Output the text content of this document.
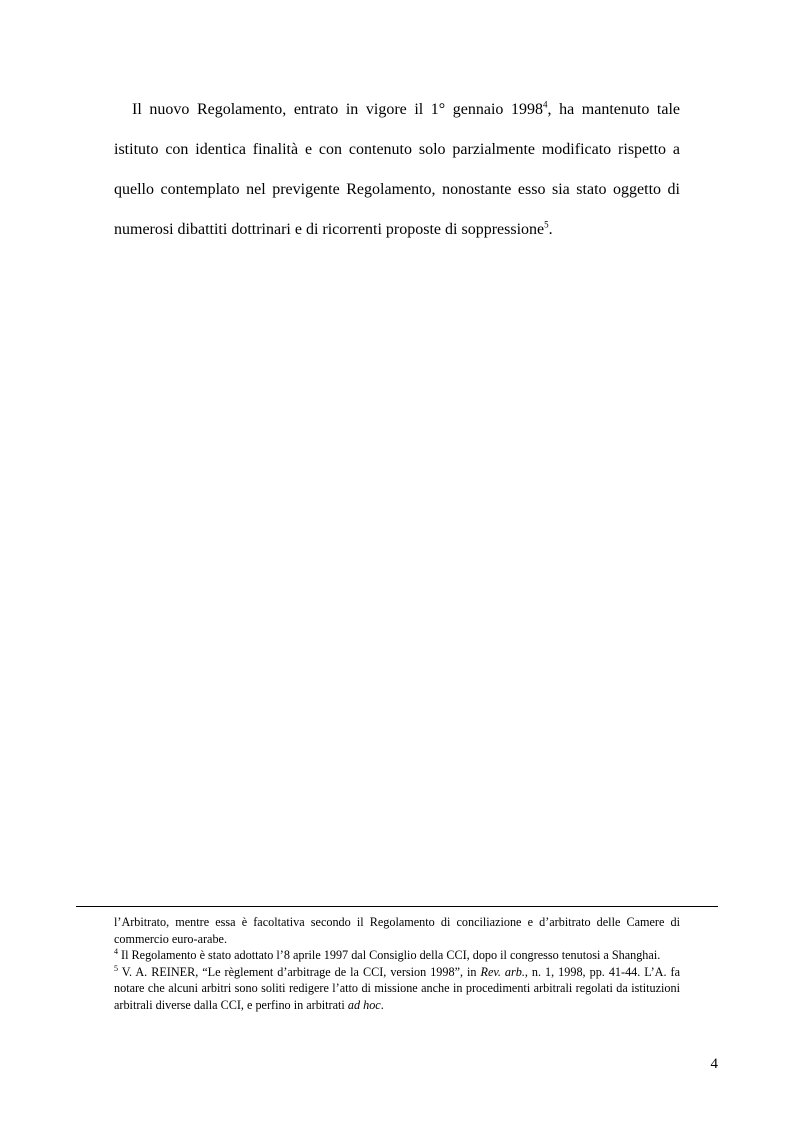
Il nuovo Regolamento, entrato in vigore il 1° gennaio 1998$^4$, ha mantenuto tale istituto con identica finalità e con contenuto solo parzialmente modificato rispetto a quello contemplato nel previgente Regolamento, nonostante esso sia stato oggetto di numerosi dibattiti dottrinari e di ricorrenti proposte di soppressione$^5$.

l’Arbitrato, mentre essa è facoltativa secondo il Regolamento di conciliazione e d’arbitrato delle Camere di commercio euro-arabe.

$^4$ Il Regolamento è stato adottato l’8 aprile 1997 dal Consiglio della CCI, dopo il congresso tenutosi a Shanghai.

$^5$ V. A. REINER, “Le règlement d’arbitrage de la CCI, version 1998”, in Rev. arb., n. 1, 1998, pp. 41-44. L’A. fa notare che alcuni arbitri sono soliti redigere l’atto di missione anche in procedimenti arbitrali regolati da istituzioni arbitrali diverse dalla CCI, e perfino in arbitrati ad hoc.

4
